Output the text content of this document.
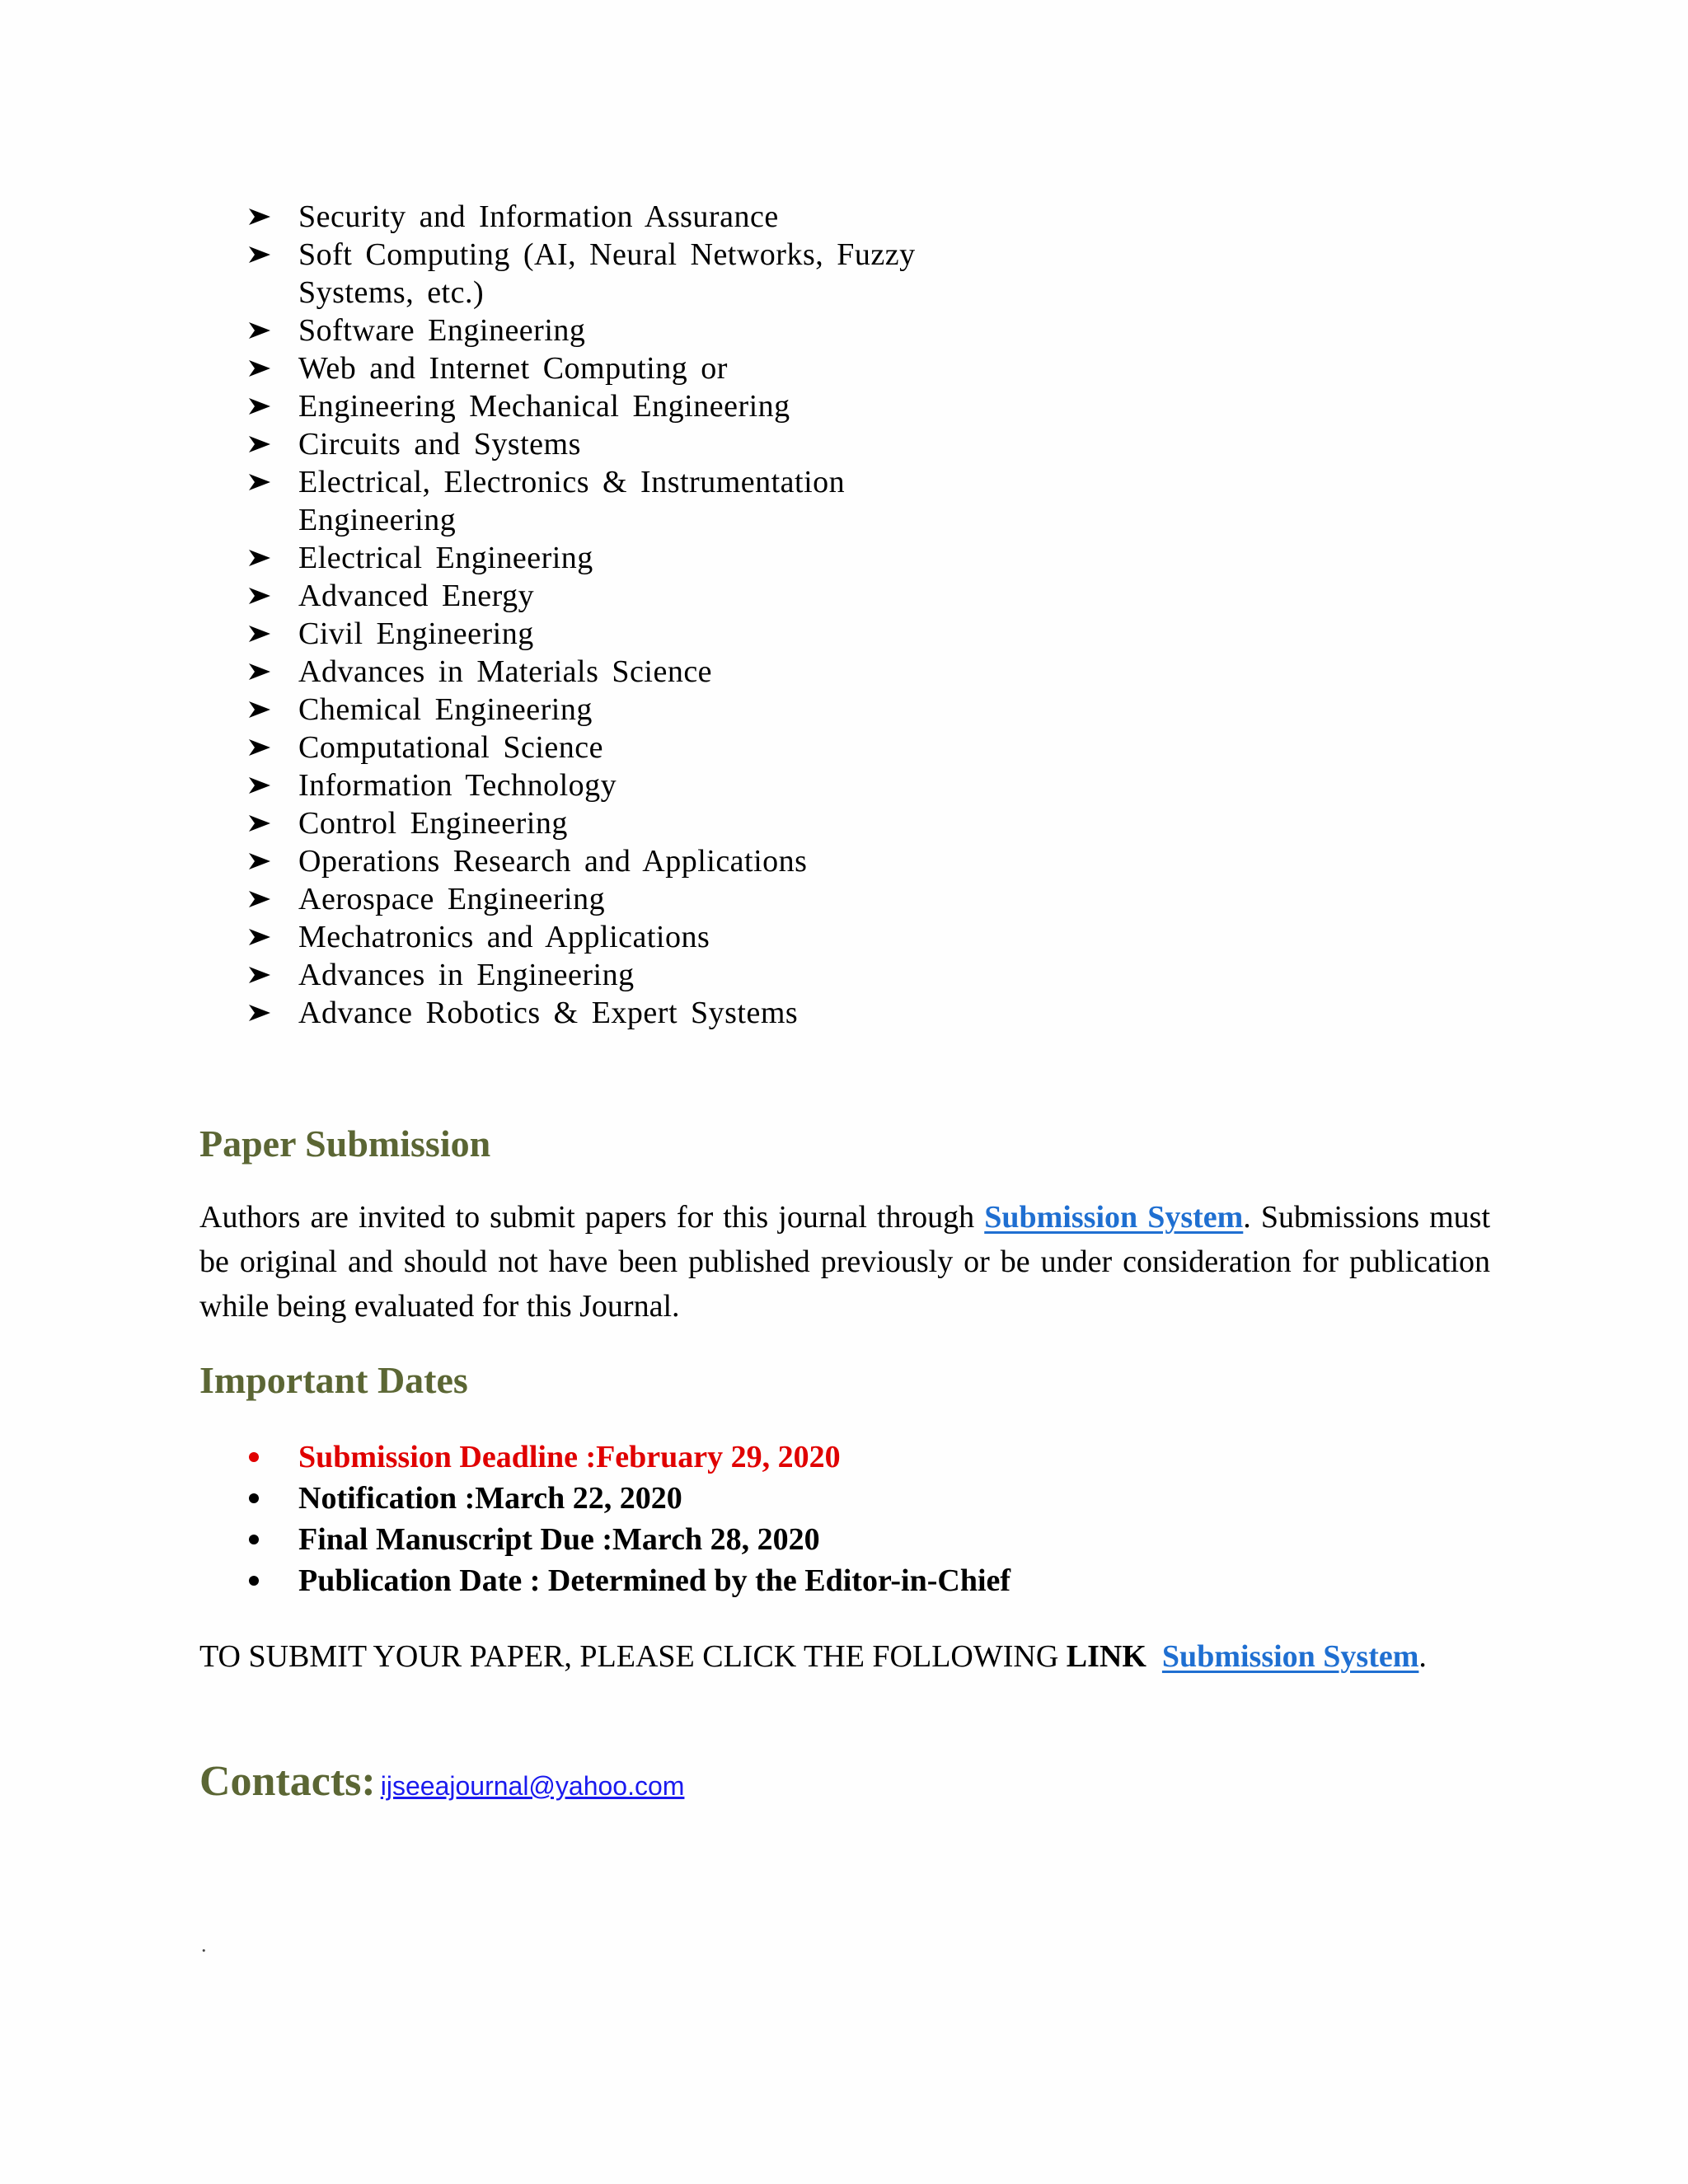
Security and Information Assurance
Soft Computing (AI, Neural Networks, Fuzzy
Systems, etc.)
Software Engineering
Web and Internet Computing or
Engineering Mechanical Engineering
Circuits and Systems
Electrical, Electronics & Instrumentation
Engineering
Electrical Engineering
Advanced Energy
Civil Engineering
Advances in Materials Science
Chemical Engineering
Computational Science
Information Technology
Control Engineering
Operations Research and Applications
Aerospace Engineering
Mechatronics and Applications
Advances in Engineering
Advance Robotics & Expert Systems
Paper Submission

Authors are invited to submit papers for this journal through Submission System. Submissions must be original and should not have been published previously or be under consideration for publication while being evaluated for this Journal.

Important Dates
Submission Deadline :February 29, 2020
Notification :March 22, 2020
Final Manuscript Due :March 28, 2020
Publication Date : Determined by the Editor-in-Chief

TO SUBMIT YOUR PAPER, PLEASE CLICK THE FOLLOWING LINK Submission System.

Contacts: ijseeajournal@yahoo.com
.
